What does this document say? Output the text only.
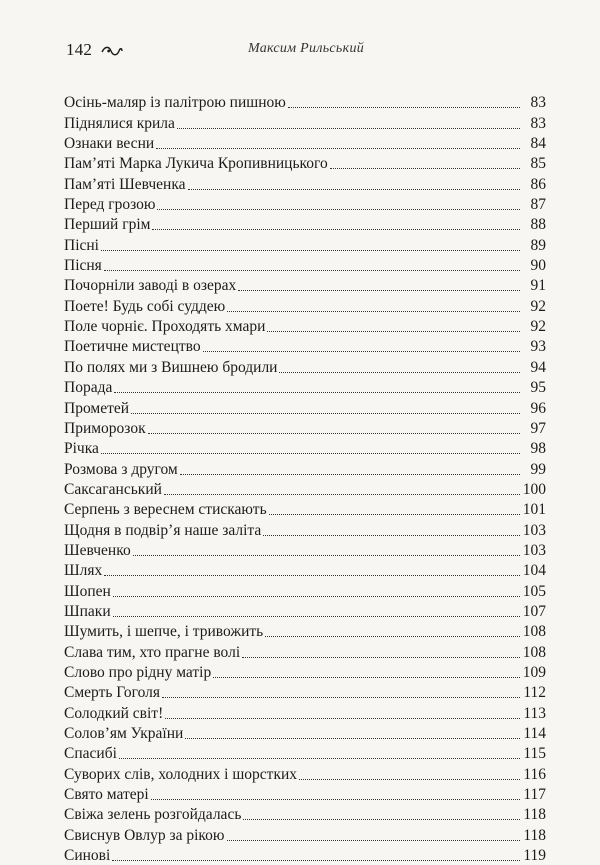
142	Максим Рильський
Осінь-маляр із палітрою пишною	83
Піднялися крила	83
Ознаки весни	84
Пам’яті Марка Лукича Кропивницького	85
Пам’яті Шевченка	86
Перед грозою	87
Перший грім	88
Пісні	89
Пісня	90
Почорніли заводі в озерах	91
Поете! Будь собі суддею	92
Поле чорніє. Проходять хмари	92
Поетичне мистецтво	93
По полях ми з Вишнею бродили	94
Порада	95
Прометей	96
Приморозок	97
Річка	98
Розмова з другом	99
Саксаганський	100
Серпень з вереснем стискають	101
Щодня в подвір’я наше заліта	103
Шевченко	103
Шлях	104
Шопен	105
Шпаки	107
Шумить, і шепче, і тривожить	108
Слава тим, хто прагне волі	108
Слово про рідну матір	109
Смерть Гоголя	112
Солодкий світ!	113
Солов’ям України	114
Спасибі	115
Суворих слів, холодних і шорстких	116
Свято матері	117
Свіжа зелень розгойдалась	118
Свиснув Овлур за рікою	118
Синові	119
